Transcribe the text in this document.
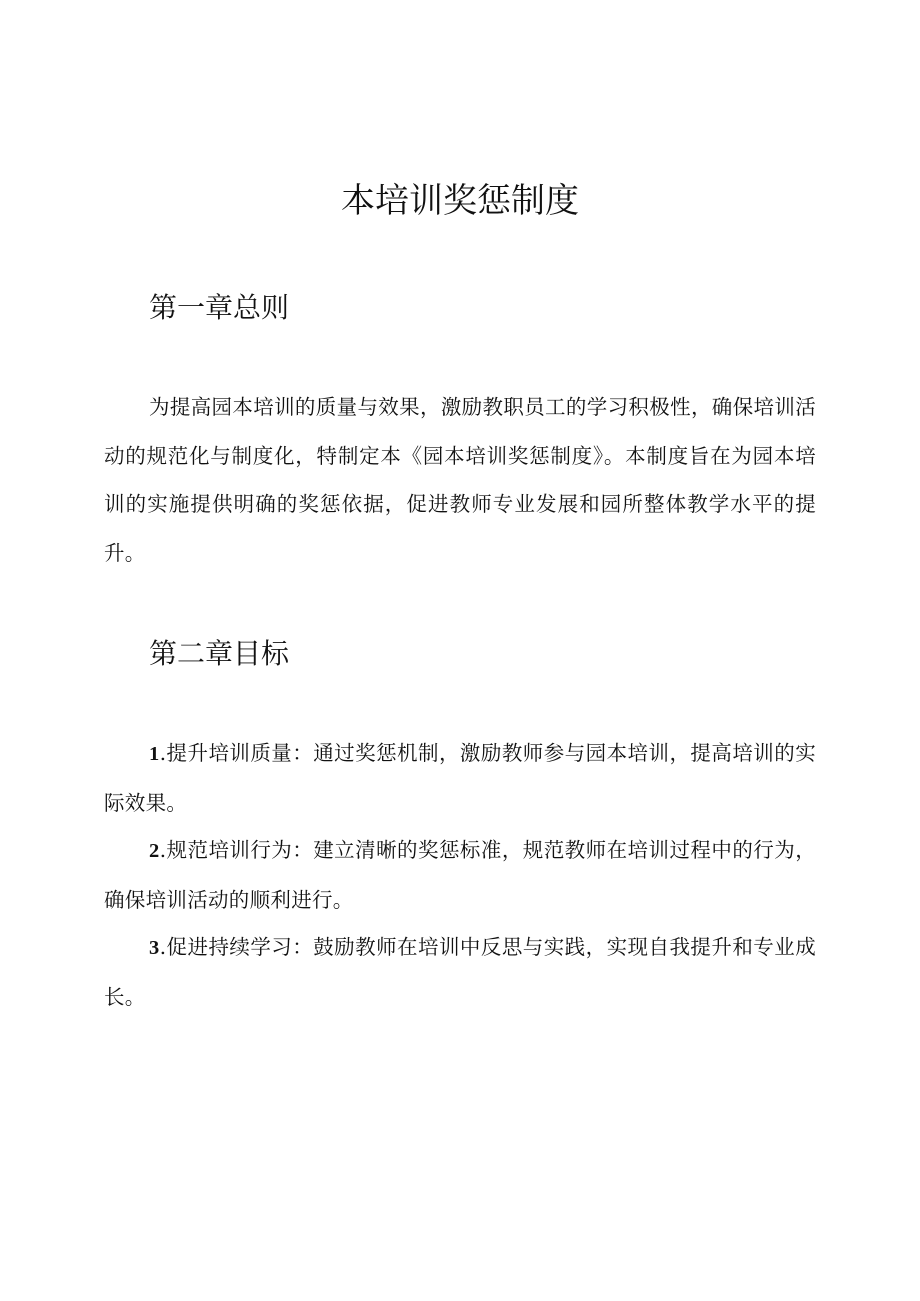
本培训奖惩制度
第一章总则

为提高园本培训的质量与效果，激励教职员工的学习积极性，确保培训活动的规范化与制度化，特制定本《园本培训奖惩制度》。本制度旨在为园本培训的实施提供明确的奖惩依据，促进教师专业发展和园所整体教学水平的提升。

第二章目标

1.提升培训质量：通过奖惩机制，激励教师参与园本培训，提高培训的实际效果。

2.规范培训行为：建立清晰的奖惩标准，规范教师在培训过程中的行为，确保培训活动的顺利进行。

3.促进持续学习：鼓励教师在培训中反思与实践，实现自我提升和专业成长。
